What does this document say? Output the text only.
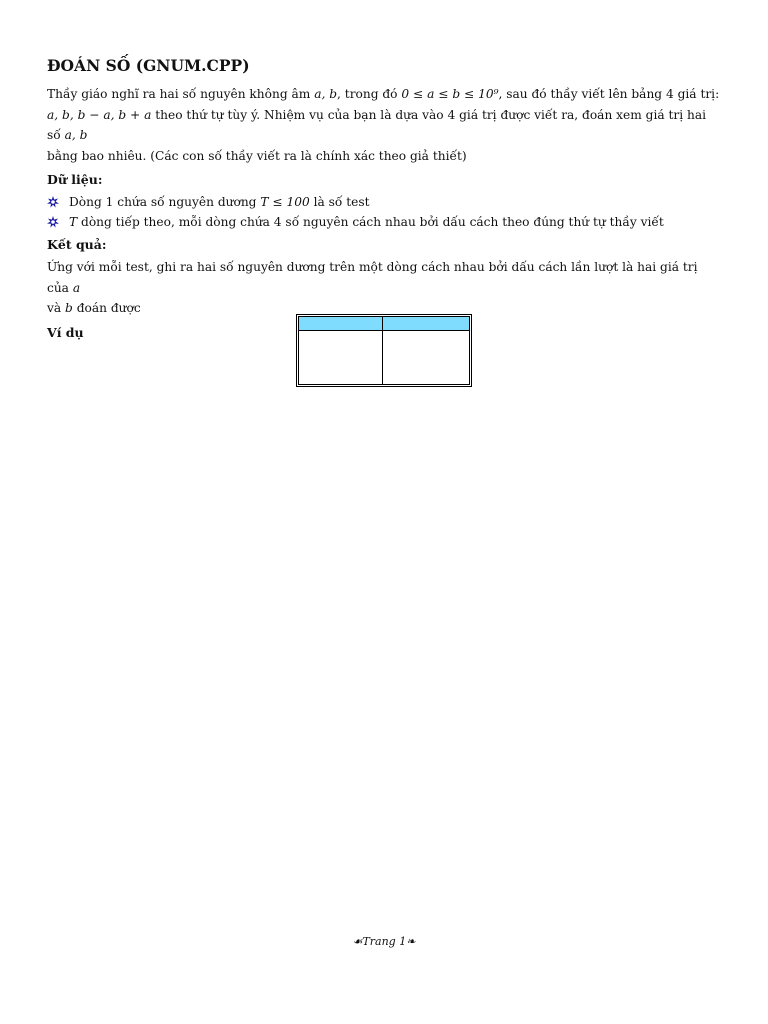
ĐOÁN SỐ (GNUM.CPP)

Thầy giáo nghĩ ra hai số nguyên không âm a, b, trong đó 0 ≤ a ≤ b ≤ 10⁹, sau đó thầy viết lên bảng 4 giá trị:
a, b, b − a, b + a theo thứ tự tùy ý. Nhiệm vụ của bạn là dựa vào 4 giá trị được viết ra, đoán xem giá trị hai số a, b
bằng bao nhiêu. (Các con số thầy viết ra là chính xác theo giả thiết)

Dữ liệu:
Dòng 1 chứa số nguyên dương T ≤ 100 là số test
T dòng tiếp theo, mỗi dòng chứa 4 số nguyên cách nhau bởi dấu cách theo đúng thứ tự thầy viết
Kết quả:

Ứng với mỗi test, ghi ra hai số nguyên dương trên một dòng cách nhau bởi dấu cách lần lượt là hai giá trị của a
và b đoán được

Ví dụ
☙Trang 1❧
